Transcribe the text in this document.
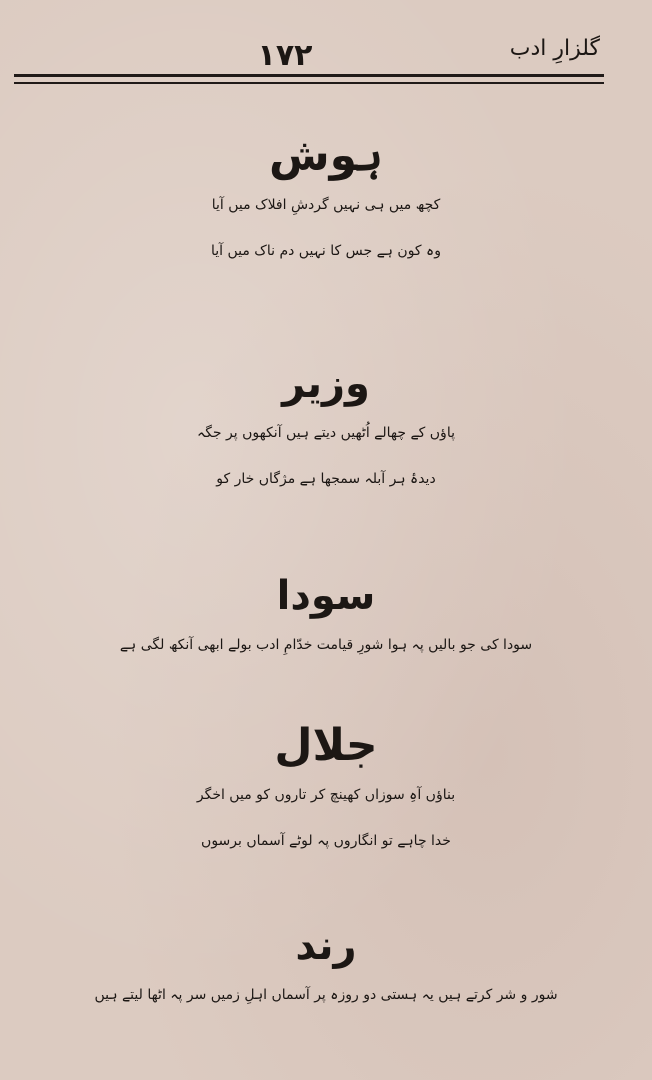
۱۷۲	گلزارِ ادب

ہوش

کچھ میں ہی نہیں گردشِ افلاک میں آیا

وہ کون ہے جس کا نہیں دم ناک میں آیا

وزیر

پاؤں کے چھالے اُٹھیں دیتے ہیں آنکھوں پر جگہ

دیدۂ ہر آبلہ سمجھا ہے مژگاں خار کو

سودا

سودا کی جو بالیں پہ ہوا شورِ قیامت خدّامِ ادب بولے ابھی آنکھ لگی ہے

جلال

بناؤں آہِ سوزاں کھینچ کر تاروں کو میں اخگر

خدا چاہے تو انگاروں پہ لوٹے آسماں برسوں

رند

شور و شر کرتے ہیں یہ ہستی دو روزہ پر آسماں اہلِ زمیں سر پہ اٹھا لیتے ہیں
